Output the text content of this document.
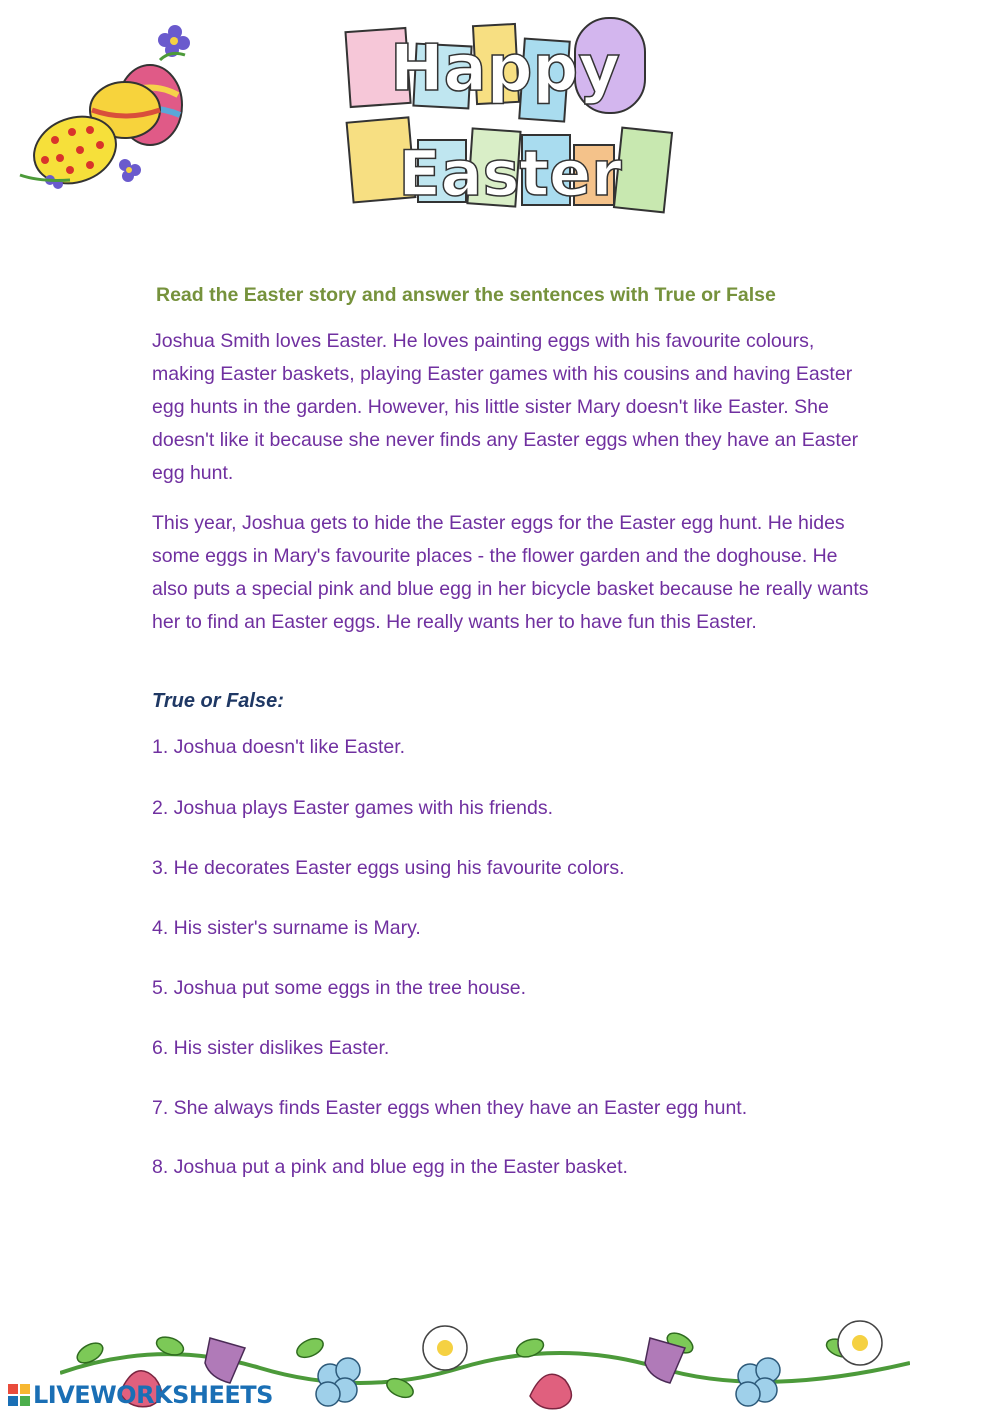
Happy
Easter
Read the Easter story and answer the sentences with True or False

Joshua Smith loves Easter. He loves painting eggs with his favourite colours, making Easter baskets, playing Easter games with his cousins and having Easter egg hunts in the garden. However, his little sister Mary doesn't like Easter. She doesn't like it because she never finds any Easter eggs when they have an Easter egg hunt.

This year, Joshua gets to hide the Easter eggs for the Easter egg hunt. He hides some eggs in Mary's favourite places - the flower garden and the doghouse. He also puts a special pink and blue egg in her bicycle basket because he really wants her to find an Easter eggs. He really wants her to have fun this Easter.

True or False:
1. Joshua doesn't like Easter.
2. Joshua plays Easter games with his friends.
3. He decorates Easter eggs using his favourite colors.
4. His sister's surname is Mary.
5. Joshua put some eggs in the tree house.
6. His sister dislikes Easter.
7. She always finds Easter eggs when they have an Easter egg hunt.
8. Joshua put a pink and blue egg in the Easter basket.
LIVEWORKSHEETS
